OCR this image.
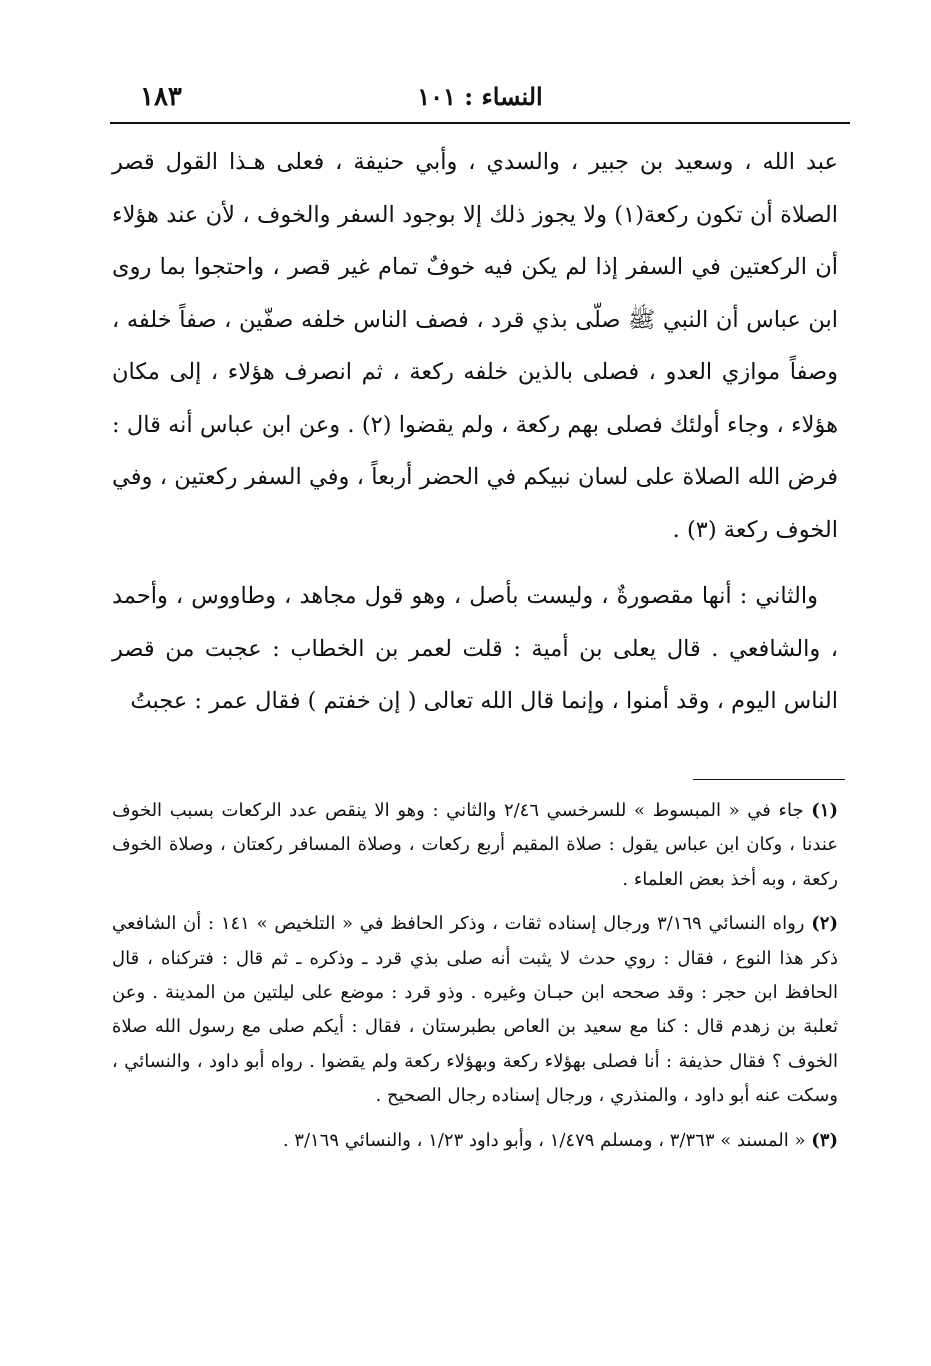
النساء : ١٠١
١٨٣

عبد الله ، وسعيد بن جبير ، والسدي ، وأبي حنيفة ، فعلى هـذا القول قصر الصلاة أن تكون ركعة(١) ولا يجوز ذلك إلا بوجود السفر والخوف ، لأن عند هؤلاء أن الركعتين في السفر إذا لم يكن فيه خوفٌ تمام غير قصر ، واحتجوا بما روى ابن عباس أن النبي ﷺ صلّى بذي قرد ، فصف الناس خلفه صفّين ، صفاً خلفه ، وصفاً موازي العدو ، فصلى بالذين خلفه ركعة ، ثم انصرف هؤلاء ، إلى مكان هؤلاء ، وجاء أولئك فصلى بهم ركعة ، ولم يقضوا (٢) . وعن ابن عباس أنه قال : فرض الله الصلاة على لسان نبيكم في الحضر أربعاً ، وفي السفر ركعتين ، وفي الخوف ركعة (٣) .

والثاني : أنها مقصورةٌ ، وليست بأصل ، وهو قول مجاهد ، وطاووس ، وأحمد ، والشافعي . قال يعلى بن أمية : قلت لعمر بن الخطاب : عجبت من قصر الناس اليوم ، وقد أمنوا ، وإنما قال الله تعالى ( إن خفتم ) فقال عمر : عجبتُ

(١) جاء في « المبسوط » للسرخسي ٢/٤٦ والثاني : وهو الا ينقص عدد الركعات بسبب الخوف عندنا ، وكان ابن عباس يقول : صلاة المقيم أربع ركعات ، وصلاة المسافر ركعتان ، وصلاة الخوف ركعة ، وبه أخذ بعض العلماء .

(٢) رواه النسائي ٣/١٦٩ ورجال إسناده ثقات ، وذكر الحافظ في « التلخيص » ١٤١ : أن الشافعي ذكر هذا النوع ، فقال : روي حدث لا يثبت أنه صلى بذي قرد ـ وذكره ـ ثم قال : فتركناه ، قال الحافظ ابن حجر : وقد صححه ابن حبـان وغيره . وذو قرد : موضع على ليلتين من المدينة . وعن ثعلبة بن زهدم قال : كنا مع سعيد بن العاص بطبرستان ، فقال : أيكم صلى مع رسول الله صلاة الخوف ؟ فقال حذيفة : أنا فصلى بهؤلاء ركعة وبهؤلاء ركعة ولم يقضوا . رواه أبو داود ، والنسائي ، وسكت عنه أبو داود ، والمنذري ، ورجال إسناده رجال الصحيح .

(٣) « المسند » ٣/٣٦٣ ، ومسلم ١/٤٧٩ ، وأبو داود ١/٢٣ ، والنسائي ٣/١٦٩ .
